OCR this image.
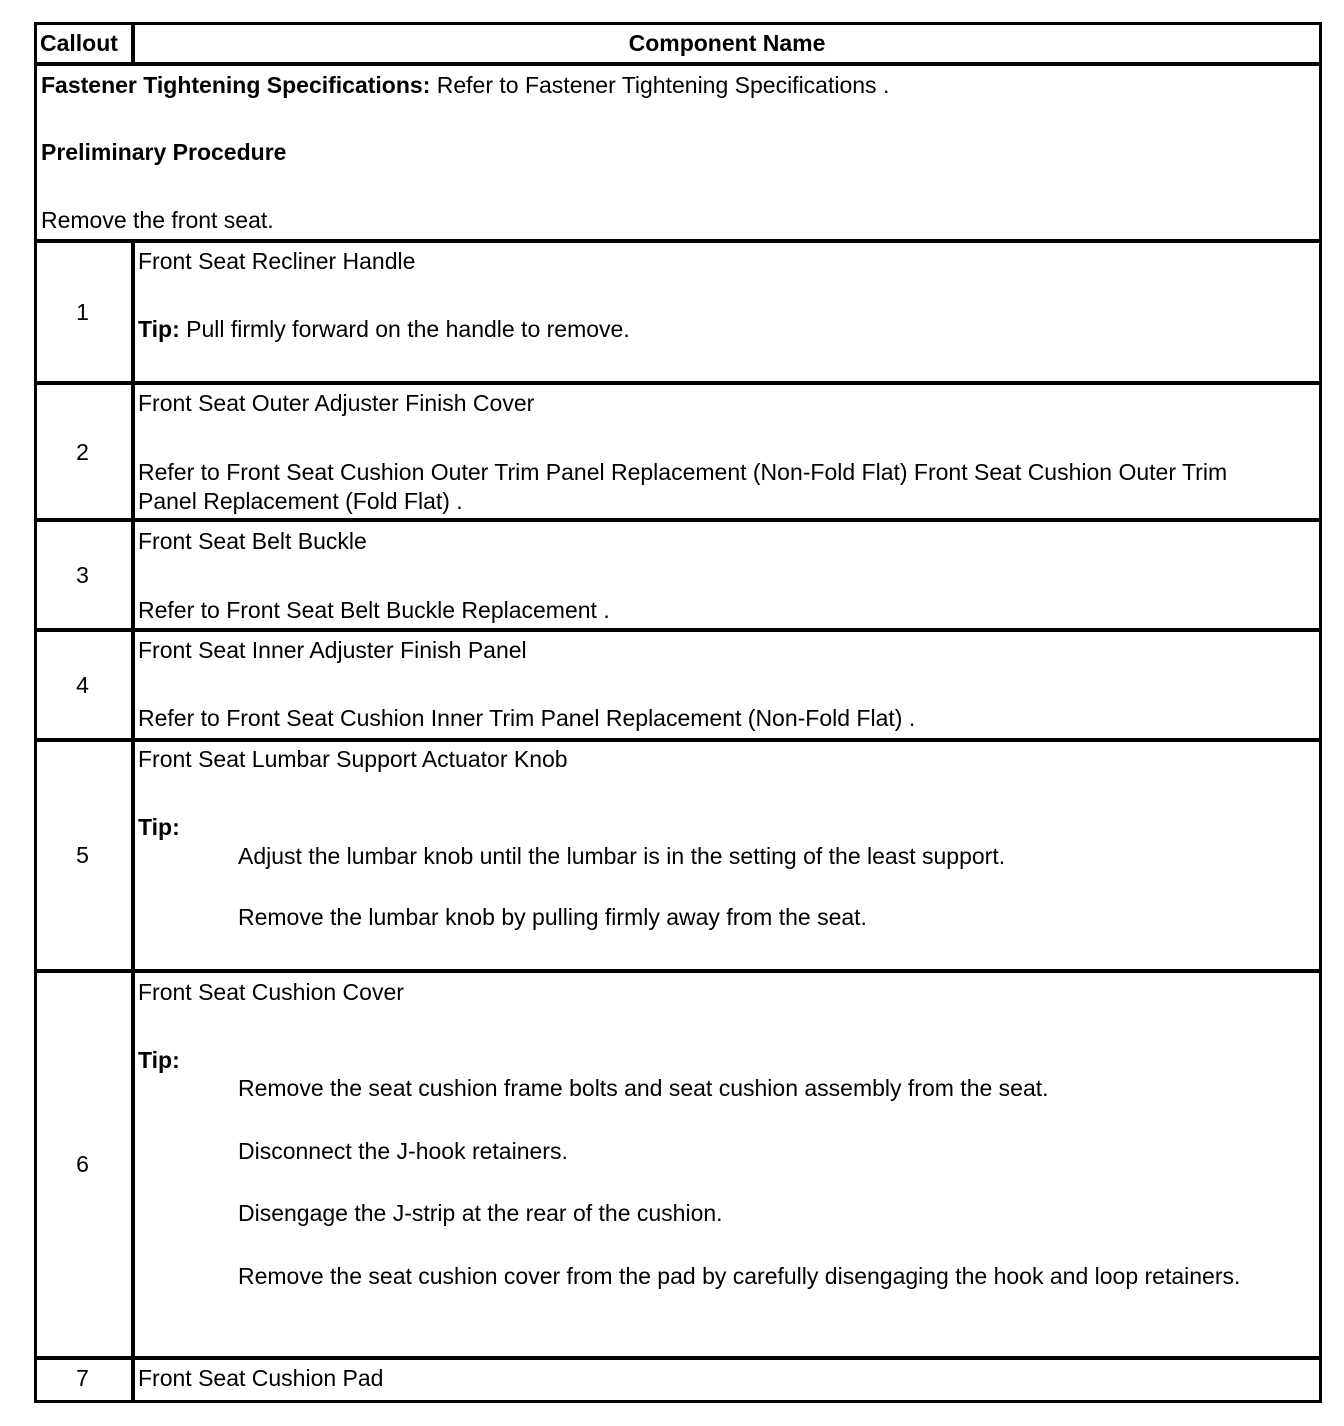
Callout	Component Name
Fastener Tightening Specifications: Refer to Fastener Tightening Specifications .
Preliminary Procedure
Remove the front seat.
1
Front Seat Recliner Handle
Tip: Pull firmly forward on the handle to remove.
2
Front Seat Outer Adjuster Finish Cover
Refer to Front Seat Cushion Outer Trim Panel Replacement (Non-Fold Flat) Front Seat Cushion Outer Trim Panel Replacement (Fold Flat) .
3
Front Seat Belt Buckle
Refer to Front Seat Belt Buckle Replacement .
4
Front Seat Inner Adjuster Finish Panel
Refer to Front Seat Cushion Inner Trim Panel Replacement (Non-Fold Flat) .
5
Front Seat Lumbar Support Actuator Knob
Tip:
Adjust the lumbar knob until the lumbar is in the setting of the least support.
Remove the lumbar knob by pulling firmly away from the seat.
6
Front Seat Cushion Cover
Tip:
Remove the seat cushion frame bolts and seat cushion assembly from the seat.
Disconnect the J-hook retainers.
Disengage the J-strip at the rear of the cushion.
Remove the seat cushion cover from the pad by carefully disengaging the hook and loop retainers.
7	Front Seat Cushion Pad
